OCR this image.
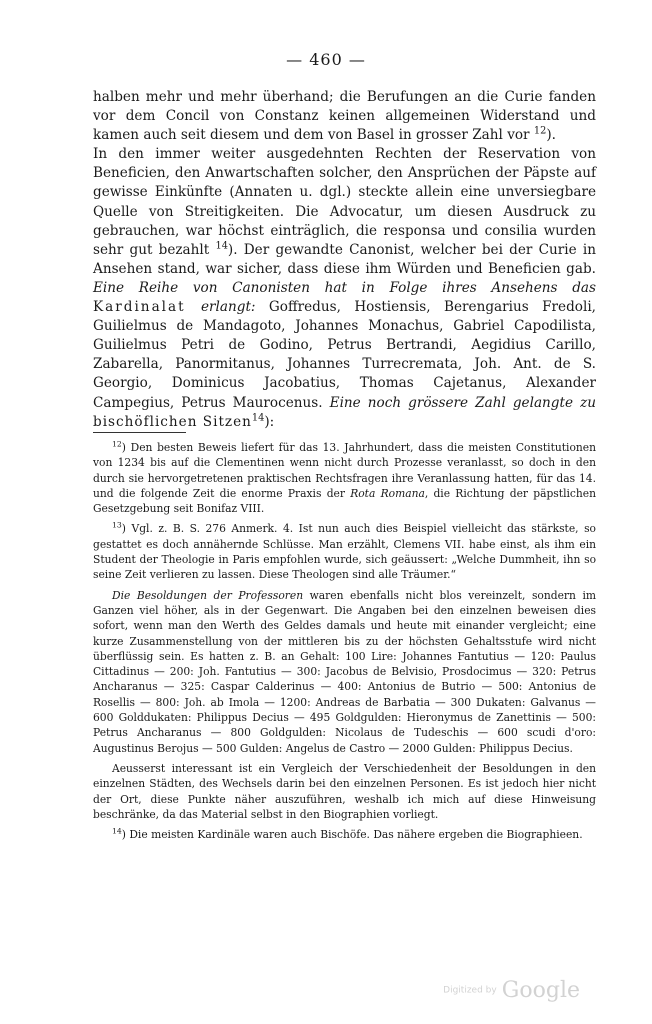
— 460 —

halben mehr und mehr überhand; die Berufungen an die Curie fanden vor dem Concil von Constanz keinen allgemeinen Widerstand und kamen auch seit diesem und dem von Basel in grosser Zahl vor $^{12}$).

In den immer weiter ausgedehnten Rechten der Reservation von Beneficien, den Anwartschaften solcher, den Ansprüchen der Päpste auf gewisse Einkünfte (Annaten u. dgl.) steckte allein eine unversiegbare Quelle von Streitigkeiten. Die Advocatur, um diesen Ausdruck zu gebrauchen, war höchst einträglich, die responsa und consilia wurden sehr gut bezahlt $^{14}$). Der gewandte Canonist, welcher bei der Curie in Ansehen stand, war sicher, dass diese ihm Würden und Beneficien gab. Eine Reihe von Canonisten hat in Folge ihres Ansehens das Kardinalat erlangt: Goffredus, Hostiensis, Berengarius Fredoli, Guilielmus de Mandagoto, Johannes Monachus, Gabriel Capodilista, Guilielmus Petri de Godino, Petrus Bertrandi, Aegidius Carillo, Zabarella, Panormitanus, Johannes Turrecremata, Joh. Ant. de S. Georgio, Dominicus Jacobatius, Thomas Cajetanus, Alexander Campegius, Petrus Maurocenus. Eine noch grössere Zahl gelangte zu bischöflichen Sitzen$^{14}$):

$^{12}$) Den besten Beweis liefert für das 13. Jahrhundert, dass die meisten Constitutionen von 1234 bis auf die Clementinen wenn nicht durch Prozesse veranlasst, so doch in den durch sie hervorgetretenen praktischen Rechtsfragen ihre Veranlassung hatten, für das 14. und die folgende Zeit die enorme Praxis der Rota Romana, die Richtung der päpstlichen Gesetzgebung seit Bonifaz VIII.

$^{13}$) Vgl. z. B. S. 276 Anmerk. 4. Ist nun auch dies Beispiel vielleicht das stärkste, so gestattet es doch annähernde Schlüsse. Man erzählt, Clemens VII. habe einst, als ihm ein Student der Theologie in Paris empfohlen wurde, sich geäussert: „Welche Dummheit, ihn so seine Zeit verlieren zu lassen. Diese Theologen sind alle Träumer.“

Die Besoldungen der Professoren waren ebenfalls nicht blos vereinzelt, sondern im Ganzen viel höher, als in der Gegenwart. Die Angaben bei den einzelnen beweisen dies sofort, wenn man den Werth des Geldes damals und heute mit einander vergleicht; eine kurze Zusammenstellung von der mittleren bis zu der höchsten Gehaltsstufe wird nicht überflüssig sein. Es hatten z. B. an Gehalt: 100 Lire: Johannes Fantutius — 120: Paulus Cittadinus — 200: Joh. Fantutius — 300: Jacobus de Belvisio, Prosdocimus — 320: Petrus Ancharanus — 325: Caspar Calderinus — 400: Antonius de Butrio — 500: Antonius de Rosellis — 800: Joh. ab Imola — 1200: Andreas de Barbatia — 300 Dukaten: Galvanus — 600 Golddukaten: Philippus Decius — 495 Goldgulden: Hieronymus de Zanettinis — 500: Petrus Ancharanus — 800 Goldgulden: Nicolaus de Tudeschis — 600 scudi d'oro: Augustinus Berojus — 500 Gulden: Angelus de Castro — 2000 Gulden: Philippus Decius.

Aeusserst interessant ist ein Vergleich der Verschiedenheit der Besoldungen in den einzelnen Städten, des Wechsels darin bei den einzelnen Personen. Es ist jedoch hier nicht der Ort, diese Punkte näher auszuführen, weshalb ich mich auf diese Hinweisung beschränke, da das Material selbst in den Biographien vorliegt.

$^{14}$) Die meisten Kardinäle waren auch Bischöfe. Das nähere ergeben die Biographieen.

Digitized by Google
